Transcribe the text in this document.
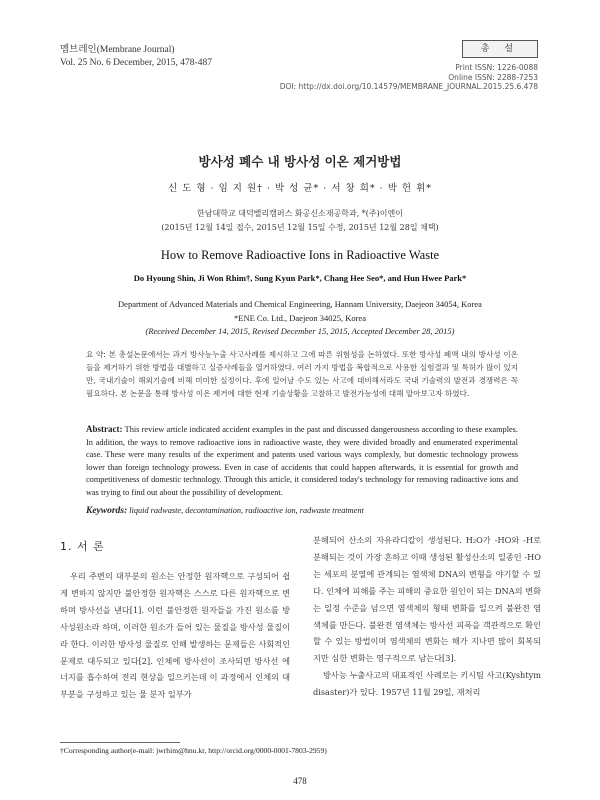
멤브레인(Membrane Journal)
Vol. 25 No. 6 December, 2015, 478-487
총 설
Print ISSN: 1226-0088
Online ISSN: 2288-7253
DOI: http://dx.doi.org/10.14579/MEMBRANE_JOURNAL.2015.25.6.478
방사성 폐수 내 방사성 이온 제거방법
신 도 형 · 임 지 원† · 박 성 균* · 서 창 희* · 박 헌 휘*
한남대학교 대덕밸리캠퍼스 화공신소재공학과, *(주)이엔이
(2015년 12월 14일 접수, 2015년 12월 15일 수정, 2015년 12월 28일 채택)
How to Remove Radioactive Ions in Radioactive Waste
Do Hyoung Shin, Ji Won Rhim†, Sung Kyun Park*, Chang Hee Seo*, and Hun Hwee Park*
Department of Advanced Materials and Chemical Engineering, Hannam University, Daejeon 34054, Korea
*ENE Co. Ltd., Daejeon 34025, Korea
(Received December 14, 2015, Revised December 15, 2015, Accepted December 28, 2015)
요 약: 본 총설논문에서는 과거 방사능누출 사고사례를 제시하고 그에 따른 위험성을 논하였다. 또한 방사성 폐액 내의 방사성 이온들을 제거하기 위한 방법을 대별하고 실증사례들을 열거하였다. 여러 가지 방법을 복합적으로 사용한 실험결과 및 특허가 많이 있지만, 국내기술이 해외기술에 비해 미미한 실정이다. 후에 일어날 수도 있는 사고에 대비해서라도 국내 기술력의 발전과 경쟁력은 꼭 필요하다. 본 논문을 통해 방사성 이온 제거에 대한 현재 기술상황을 고찰하고 발전가능성에 대해 알아보고자 하였다.
Abstract: This review article indicated accident examples in the past and discussed dangerousness according to these examples. In addition, the ways to remove radioactive ions in radioactive waste, they were divided broadly and enumerated experimental case. These were many results of the experiment and patents used various ways complexly, but domestic technology prowess lower than foreign technology prowess. Even in case of accidents that could happen afterwards, it is essential for growth and competitiveness of domestic technology. Through this article, it considered today's technology for removing radioactive ions and was trying to find out about the possibility of development.
Keywords: liquid radwaste, decontamination, radioactive ion, radwaste treatment
1. 서 론
우리 주변의 대부분의 원소는 안정한 원자핵으로 구성되어 쉽게 변하지 않지만 불안정한 원자핵은 스스로 다른 원자핵으로 변하며 방사선을 낸다[1]. 이런 불안정한 원자들을 가진 원소를 방사성원소라 하며, 이러한 원소가 들어 있는 물질을 방사성 물질이라 한다. 이러한 방사성 물질로 인해 발생하는 문제들은 사회적인 문제로 대두되고 있다[2]. 인체에 방사선이 조사되면 방사선 에너지를 흡수하여 전리 현상을 일으키는데 이 과정에서 인체의 대부분을 구성하고 있는 물 분자 일부가

분해되어 산소의 자유라디칼이 생성된다. H₂O가 -HO와 -H로 분해되는 것이 가장 흔하고 이때 생성된 활성산소의 일종인 -HO는 세포의 분열에 관계되는 염색체 DNA의 변형을 야기할 수 있다. 인체에 피해를 주는 피해의 중요한 원인이 되는 DNA의 변화는 일정 수준을 넘으면 염색체의 형태 변화를 일으켜 불완전 염색체를 만든다. 불완전 염색체는 방사선 피폭을 객관적으로 확인할 수 있는 방법이며 염색체의 변화는 해가 지나면 많이 회복되지만 심한 변화는 영구적으로 남는다[3].

방사능 누출사고의 대표적인 사례로는 키시팀 사고(Kyshtym disaster)가 있다. 1957년 11월 29일, 재처리

†Corresponding author(e-mail: jwrhim@hnu.kr, http://orcid.org/0000-0001-7803-2959)
478
